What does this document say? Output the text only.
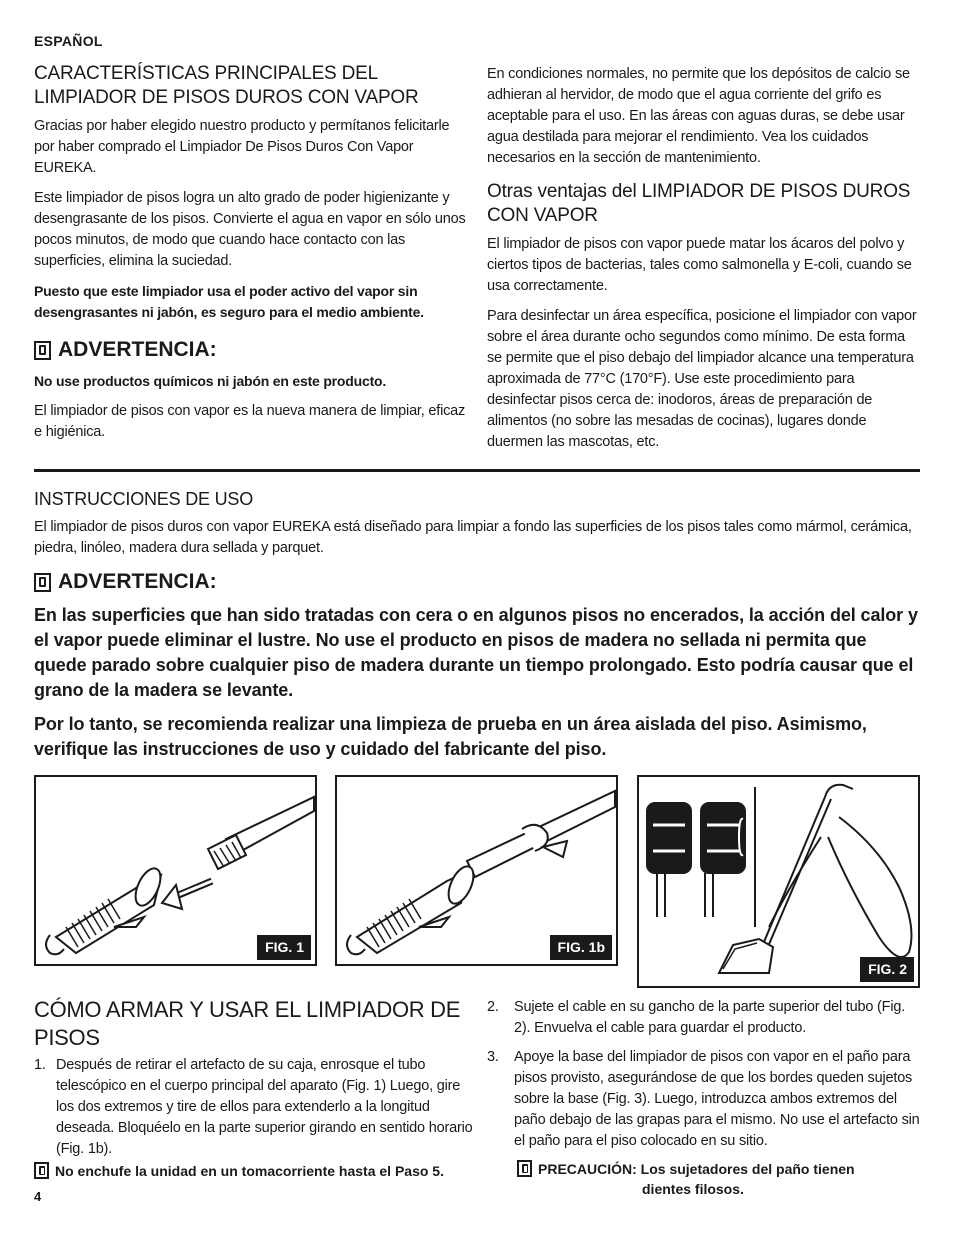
ESPAÑOL
CARACTERÍSTICAS PRINCIPALES DEL LIMPIADOR DE PISOS DUROS CON VAPOR

Gracias por haber elegido nuestro producto y permítanos felicitarle por haber comprado el Limpiador De Pisos Duros Con Vapor EUREKA.

Este limpiador de pisos logra un alto grado de poder higienizante y desengrasante de los pisos. Convierte el agua en vapor en sólo unos pocos minutos, de modo que cuando hace contacto con las superficies, elimina la suciedad.

Puesto que este limpiador usa el poder activo del vapor sin desengrasantes ni jabón, es seguro para el medio ambiente.

ADVERTENCIA:

No use productos químicos ni jabón en este producto.

El limpiador de pisos con vapor es la nueva manera de limpiar, eficaz e higiénica.

En condiciones normales, no permite que los depósitos de calcio se adhieran al hervidor, de modo que el agua corriente del grifo es aceptable para el uso. En las áreas con aguas duras, se debe usar agua destilada para mejorar el rendimiento. Vea los cuidados necesarios en la sección de mantenimiento.

Otras ventajas del LIMPIADOR DE PISOS DUROS CON VAPOR

El limpiador de pisos con vapor puede matar los ácaros del polvo y ciertos tipos de bacterias, tales como salmonella y E-coli, cuando se usa correctamente.

Para desinfectar un área específica, posicione el limpiador con vapor sobre el área durante ocho segundos como mínimo. De esta forma se permite que el piso debajo del limpiador alcance una temperatura aproximada de 77°C (170°F). Use este procedimiento para desinfectar pisos cerca de: inodoros, áreas de preparación de alimentos (no sobre las mesadas de cocinas), lugares donde duermen las mascotas, etc.

INSTRUCCIONES DE USO

El limpiador de pisos duros con vapor EUREKA está diseñado para limpiar a fondo las superficies de los pisos tales como mármol, cerámica, piedra, linóleo, madera dura sellada y parquet.

ADVERTENCIA:

En las superficies que han sido tratadas con cera o en algunos pisos no encerados, la acción del calor y el vapor puede eliminar el lustre. No use el producto en pisos de madera no sellada ni permita que quede parado sobre cualquier piso de madera durante un tiempo prolongado. Esto podría causar que el grano de la madera se levante.

Por lo tanto, se recomienda realizar una limpieza de prueba en un área aislada del piso. Asimismo, verifique las instrucciones de uso y cuidado del fabricante del piso.

FIG. 1	FIG. 1b
FIG. 2
CÓMO ARMAR Y USAR EL LIMPIADOR DE PISOS
1. Después de retirar el artefacto de su caja, enrosque el tubo telescópico en el cuerpo principal del aparato (Fig. 1) Luego, gire los dos extremos y tire de ellos para extenderlo a la longitud deseada. Bloquéelo en la parte superior girando en sentido horario (Fig. 1b).
No enchufe la unidad en un tomacorriente hasta el Paso 5.
2.	Sujete el cable en su gancho de la parte superior del tubo (Fig. 2). Envuelva el cable para guardar el producto.
3.	Apoye la base del limpiador de pisos con vapor en el paño para pisos provisto, asegurándose de que los bordes queden sujetos sobre la base (Fig. 3). Luego, introduzca ambos extremos del paño debajo de las grapas para el mismo. No use el artefacto sin el paño para el piso colocado en su sitio.
PRECAUCIÓN: Los sujetadores del paño tienen
dientes filosos.
4
